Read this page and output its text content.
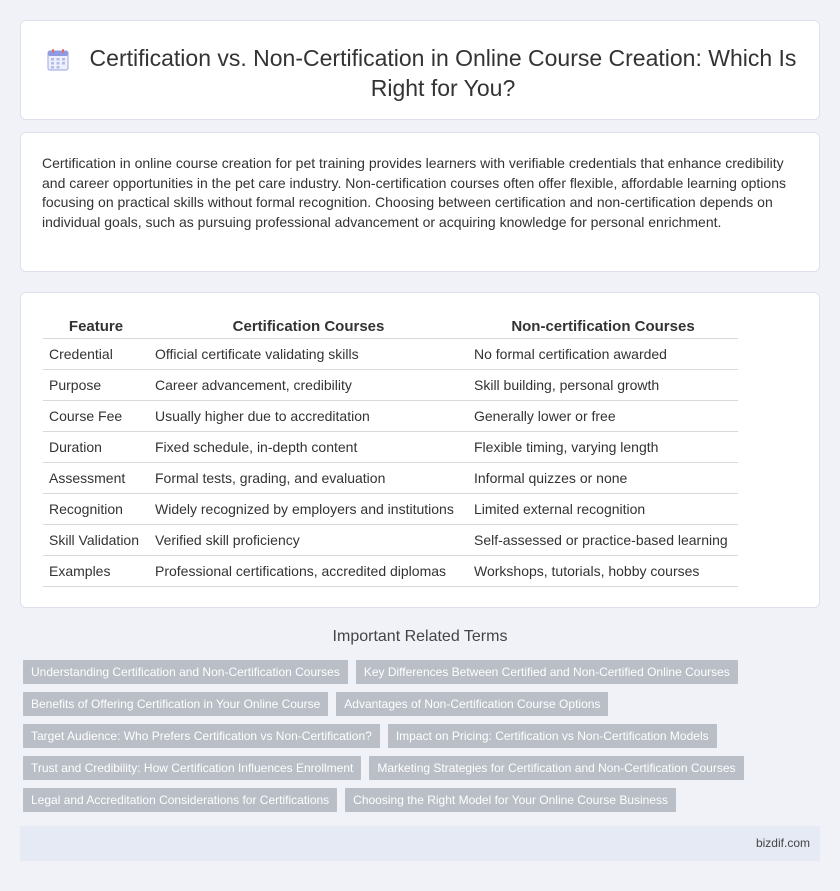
Certification vs. Non-Certification in Online Course Creation: Which Is Right for You?

Certification in online course creation for pet training provides learners with verifiable credentials that enhance credibility and career opportunities in the pet care industry. Non-certification courses often offer flexible, affordable learning options focusing on practical skills without formal recognition. Choosing between certification and non-certification depends on individual goals, such as pursuing professional advancement or acquiring knowledge for personal enrichment.

Feature	Certification Courses	Non-certification Courses
Credential	Official certificate validating skills	No formal certification awarded
Purpose	Career advancement, credibility	Skill building, personal growth
Course Fee	Usually higher due to accreditation	Generally lower or free
Duration	Fixed schedule, in-depth content	Flexible timing, varying length
Assessment	Formal tests, grading, and evaluation	Informal quizzes or none
Recognition	Widely recognized by employers and institutions	Limited external recognition
Skill Validation	Verified skill proficiency	Self-assessed or practice-based learning
Examples	Professional certifications, accredited diplomas	Workshops, tutorials, hobby courses
Important Related Terms
Understanding Certification and Non-Certification Courses	Key Differences Between Certified and Non-Certified Online Courses
Benefits of Offering Certification in Your Online Course	Advantages of Non-Certification Course Options
Target Audience: Who Prefers Certification vs Non-Certification?	Impact on Pricing: Certification vs Non-Certification Models
Trust and Credibility: How Certification Influences Enrollment	Marketing Strategies for Certification and Non-Certification Courses
Legal and Accreditation Considerations for Certifications	Choosing the Right Model for Your Online Course Business
bizdif.com
